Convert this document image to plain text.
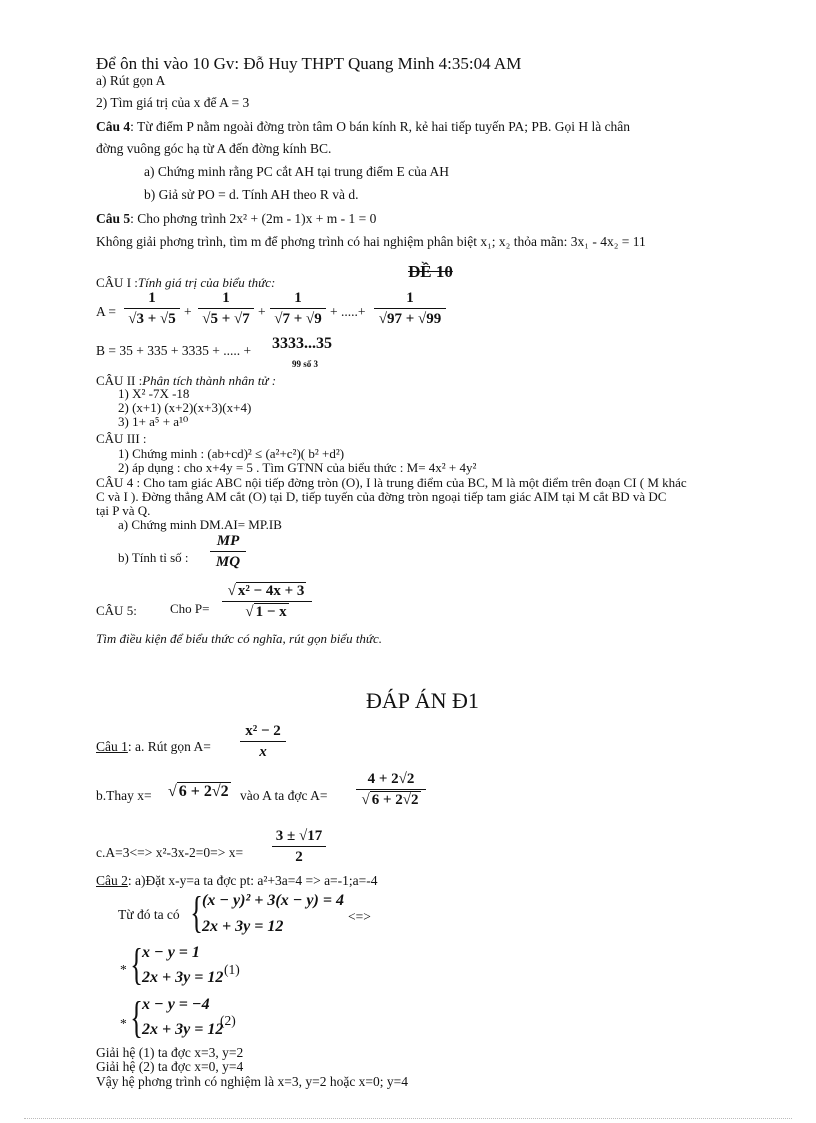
Để ôn thi vào 10 Gv: Đỗ Huy THPT Quang Minh 4:35:04 AM
a) Rút gọn A
2) Tìm giá trị của x để A = 3
Câu 4: Từ điểm P nằm ngoài đờng tròn tâm O bán kính R, kẻ hai tiếp tuyến PA; PB. Gọi H là chân
đờng vuông góc hạ từ A đến đờng kính BC.
a) Chứng minh rằng PC cắt AH tại trung điểm E của AH
b) Giả sử PO = d. Tính AH theo R và d.
Câu 5: Cho phơng trình 2x² + (2m - 1)x + m - 1 = 0
Không giải phơng trình, tìm m để phơng trình có hai nghiệm phân biệt x₁; x₂ thỏa mãn: 3x₁ - 4x₂ = 11
ĐỀ 10
CÂU I :Tính giá trị của biểu thức:
A =
1
√3 + √5 +
1
√5 + √7 +
1
√7 + √9 + .....+
1
√97 + √99
B = 35 + 335 + 3335 + ..... + 3333...35
99 số 3
CÂU II :Phân tích thành nhân tử :
1) X² -7X -18
2) (x+1) (x+2)(x+3)(x+4)
3) 1+ a⁵ + a¹⁰
CÂU III :
1) Chứng minh : (ab+cd)² ≤ (a²+c²)( b² +d²)
2) áp dụng : cho x+4y = 5 . Tìm GTNN của biểu thức : M= 4x² + 4y²
CÂU 4 : Cho tam giác ABC nội tiếp đờng tròn (O), I là trung điểm của BC, M là một điểm trên đoạn CI ( M khác
C và I ). Đờng thẳng AM cắt (O) tại D, tiếp tuyến của đờng tròn ngoại tiếp tam giác AIM tại M cắt BD và DC
tại P và Q.
a) Chứng minh DM.AI= MP.IB
b) Tính tỉ số :
MP
MQ
CÂU 5:	Cho P=
√ x² − 4x + 3
√ 1 − x
Tìm điều kiện để biểu thức có nghĩa, rút gọn biểu thức.
ĐÁP ÁN Đ1
Câu 1: a. Rút gọn A=
x² − 2
x
b.Thay x= √ 6 + 2√2 vào A ta đợc A=
4 + 2√2
√ 6 + 2√2
c.A=3<=> x²-3x-2=0=> x=
3 ± √17
2
Câu 2: a)Đặt x-y=a ta đợc pt: a²+3a=4 => a=-1;a=-4
Từ đó ta có { (x − y)² + 3(x − y) = 4
2x + 3y = 12
<=>
* { x − y = 1
2x + 3y = 12 (1)
* { x − y = −4
2x + 3y = 12
(2)
Giải hệ (1) ta đợc x=3, y=2
Giải hệ (2) ta đợc x=0, y=4
Vậy hệ phơng trình có nghiệm là x=3, y=2 hoặc x=0; y=4
